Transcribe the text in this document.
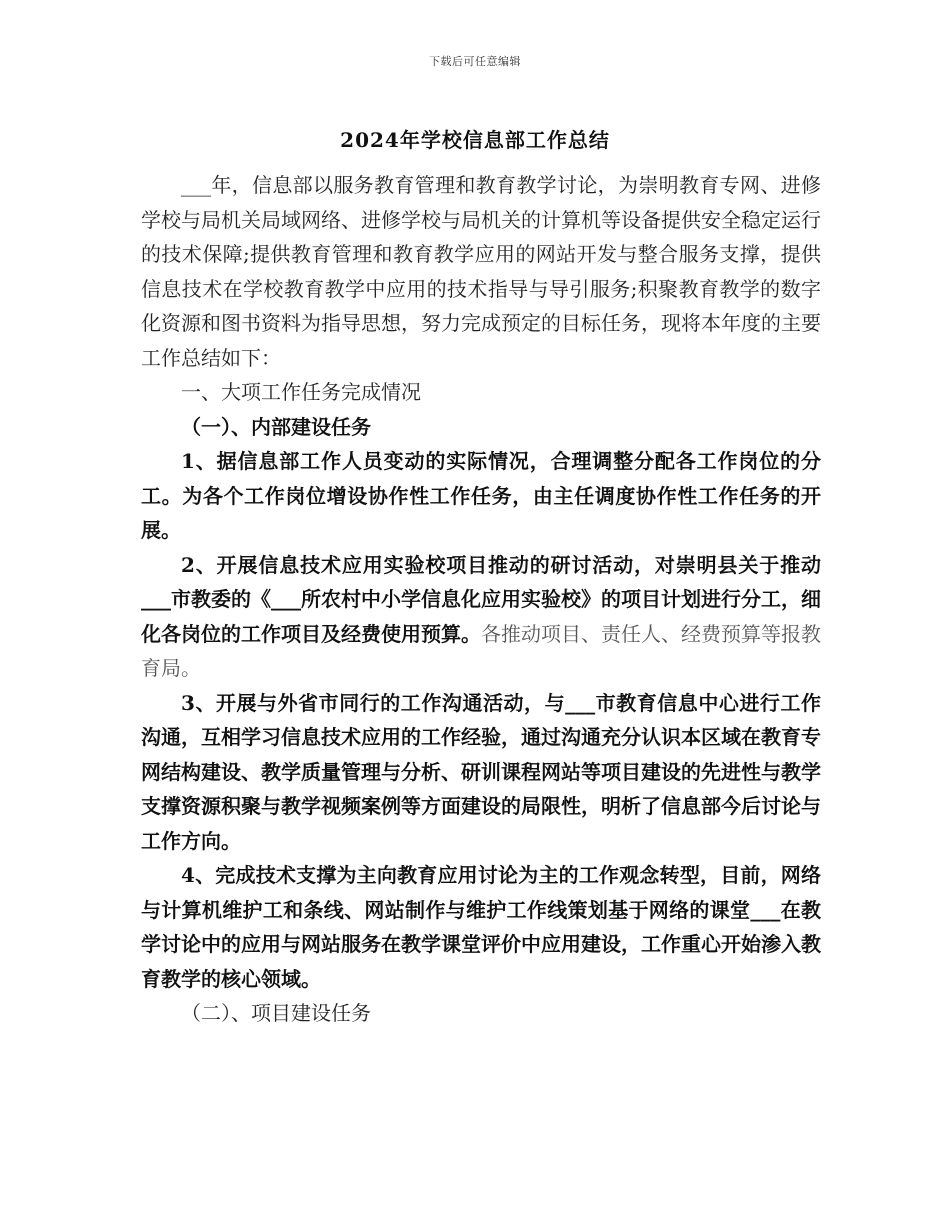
下载后可任意编辑
2024年学校信息部工作总结

___年，信息部以服务教育管理和教育教学讨论，为崇明教育专网、进修学校与局机关局域网络、进修学校与局机关的计算机等设备提供安全稳定运行的技术保障;提供教育管理和教育教学应用的网站开发与整合服务支撑，提供信息技术在学校教育教学中应用的技术指导与导引服务;积聚教育教学的数字化资源和图书资料为指导思想，努力完成预定的目标任务，现将本年度的主要工作总结如下：

一、大项工作任务完成情况

（一）、内部建设任务

1、据信息部工作人员变动的实际情况，合理调整分配各工作岗位的分工。为各个工作岗位增设协作性工作任务，由主任调度协作性工作任务的开展。

2、开展信息技术应用实验校项目推动的研讨活动，对崇明县关于推动___市教委的《___所农村中小学信息化应用实验校》的项目计划进行分工，细化各岗位的工作项目及经费使用预算。各推动项目、责任人、经费预算等报教育局。

3、开展与外省市同行的工作沟通活动，与___市教育信息中心进行工作沟通，互相学习信息技术应用的工作经验，通过沟通充分认识本区域在教育专网结构建设、教学质量管理与分析、研训课程网站等项目建设的先进性与教学支撑资源积聚与教学视频案例等方面建设的局限性，明析了信息部今后讨论与工作方向。

4、完成技术支撑为主向教育应用讨论为主的工作观念转型，目前，网络与计算机维护工和条线、网站制作与维护工作线策划基于网络的课堂___在教学讨论中的应用与网站服务在教学课堂评价中应用建设，工作重心开始渗入教育教学的核心领域。

（二）、项目建设任务
